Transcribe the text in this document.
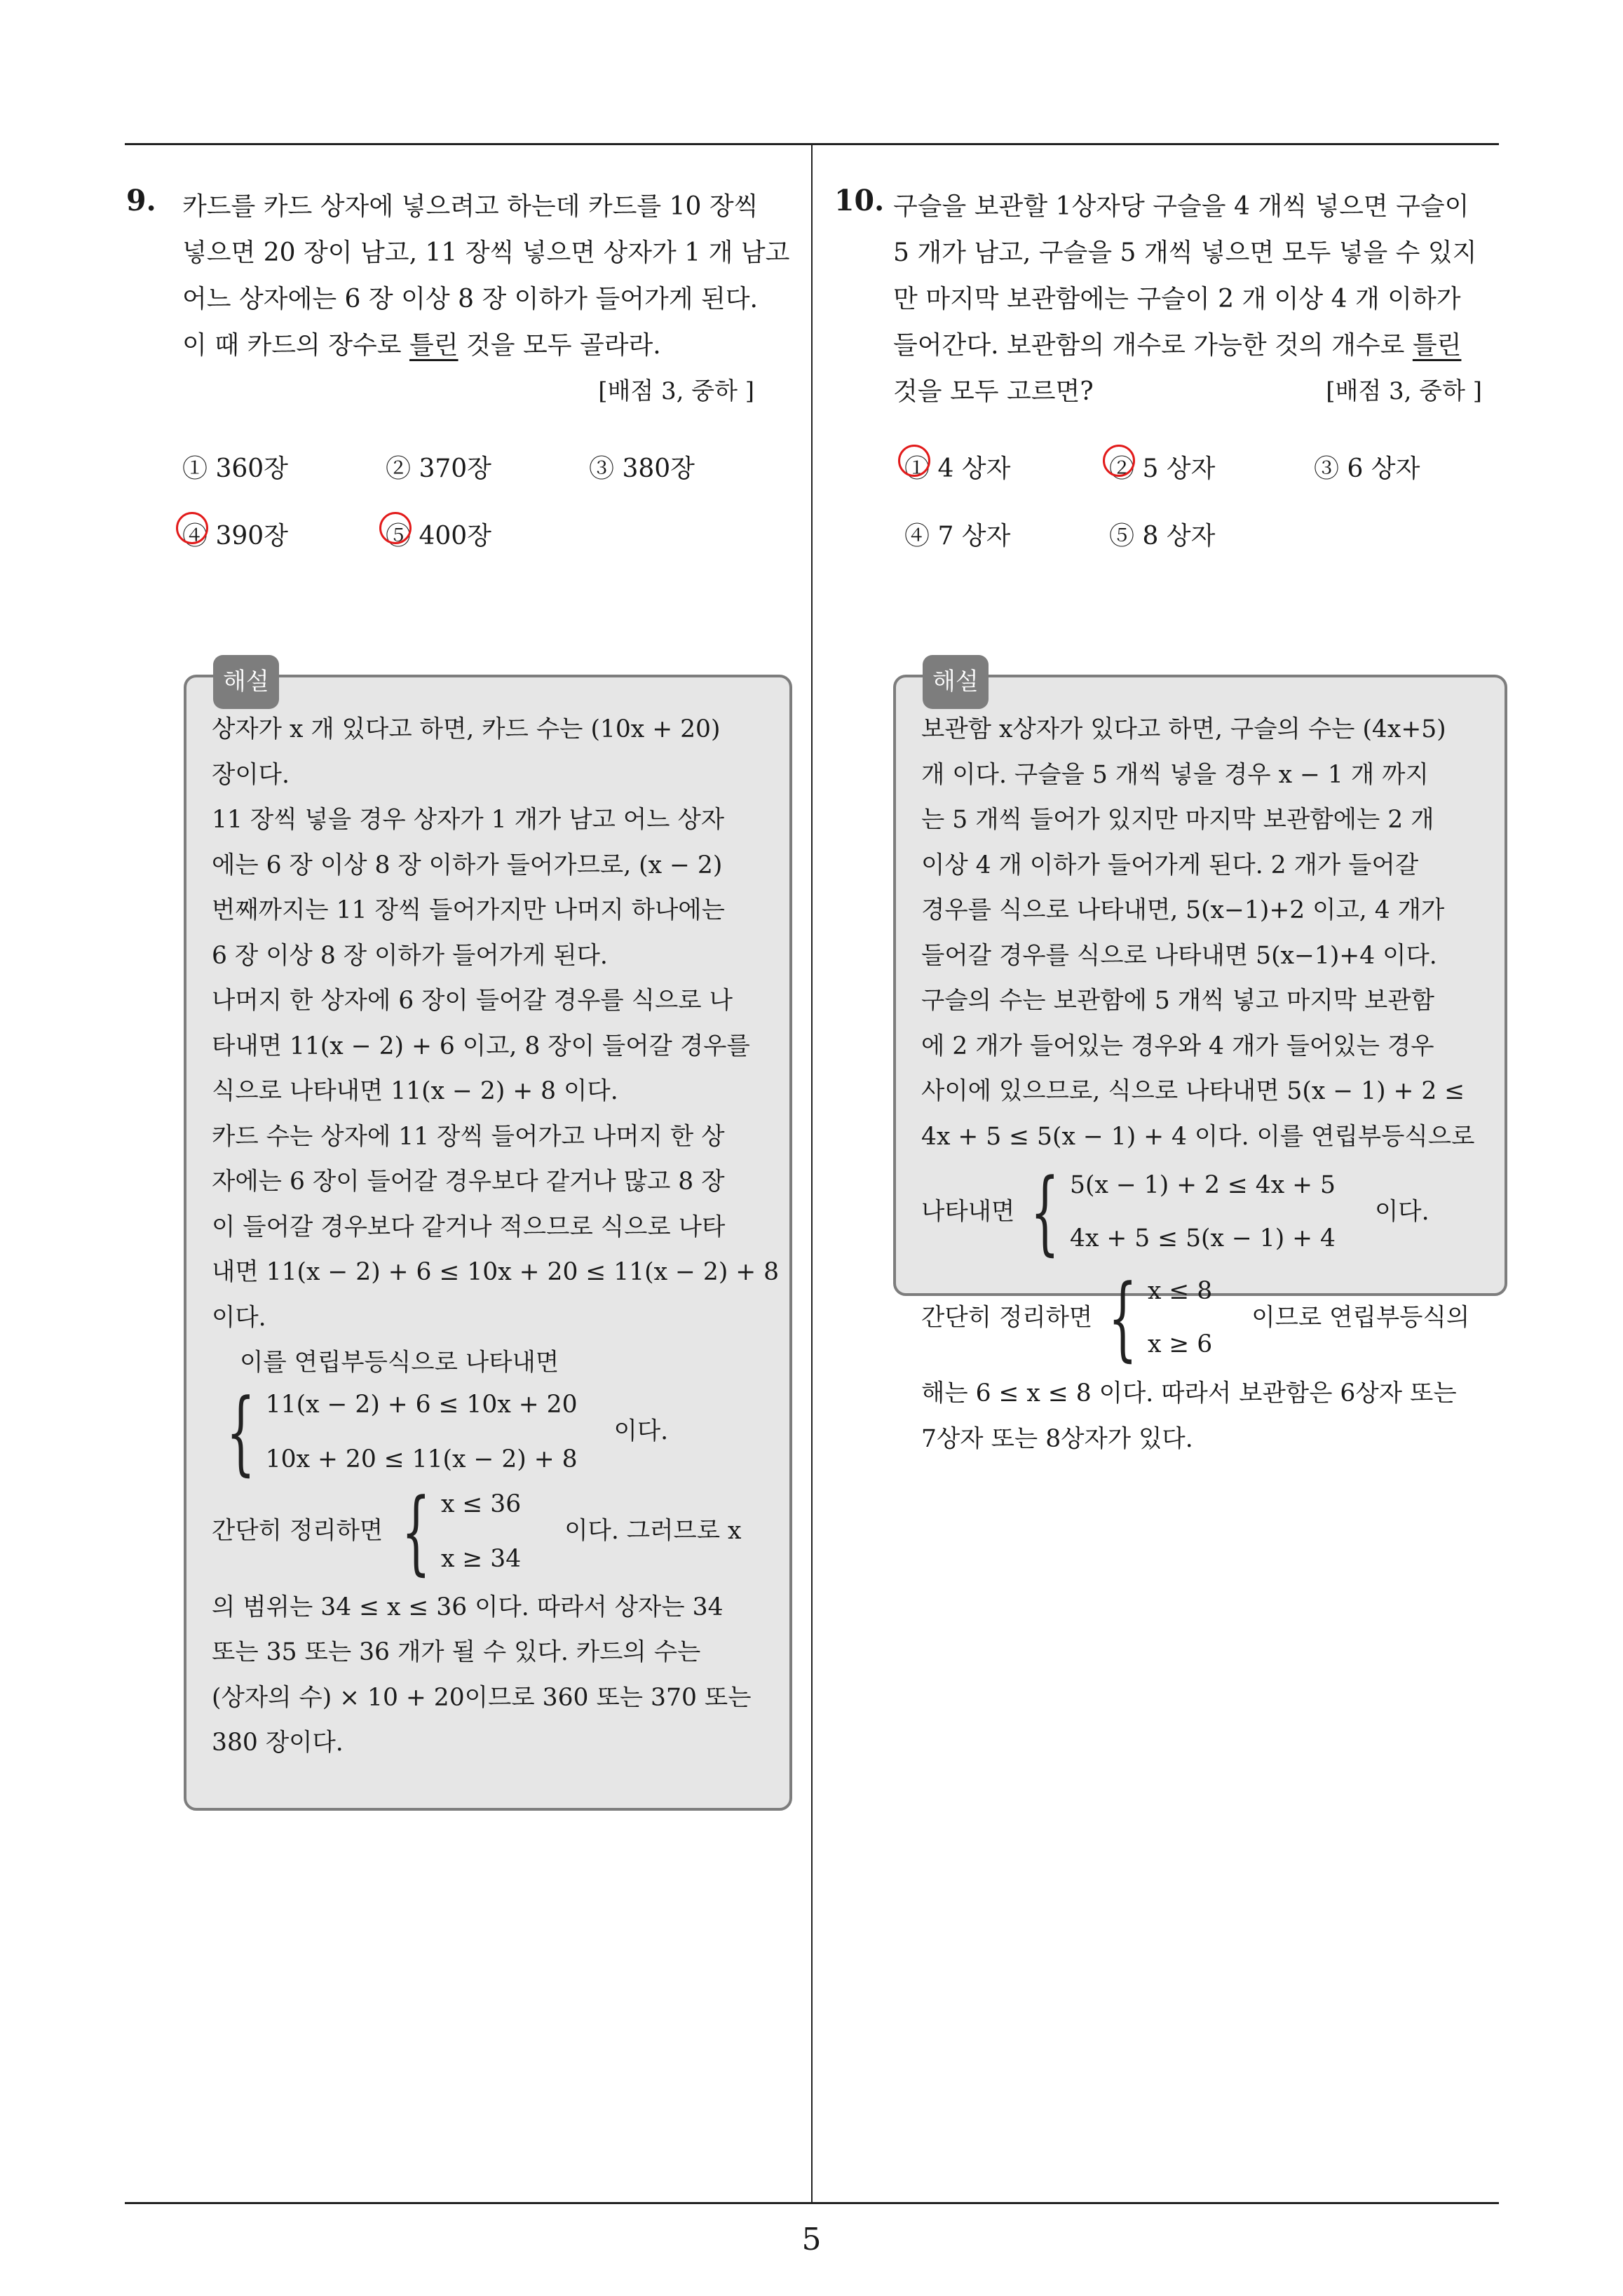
9. 카드를 카드 상자에 넣으려고 하는데 카드를 10 장씩
넣으면 20 장이 남고, 11 장씩 넣으면 상자가 1 개 남고
어느 상자에는 6 장 이상 8 장 이하가 들어가게 된다.
이 때 카드의 장수로 틀린 것을 모두 골라라.
[배점 3, 중하 ]
① 360장	② 370장	③ 380장
④ 390장	⑤ 400장
해설
상자가 x 개 있다고 하면, 카드 수는 (10x + 20)
장이다.
11 장씩 넣을 경우 상자가 1 개가 남고 어느 상자
에는 6 장 이상 8 장 이하가 들어가므로, (x − 2)
번째까지는 11 장씩 들어가지만 나머지 하나에는
6 장 이상 8 장 이하가 들어가게 된다.
나머지 한 상자에 6 장이 들어갈 경우를 식으로 나
타내면 11(x − 2) + 6 이고, 8 장이 들어갈 경우를
식으로 나타내면 11(x − 2) + 8 이다.
카드 수는 상자에 11 장씩 들어가고 나머지 한 상
자에는 6 장이 들어갈 경우보다 같거나 많고 8 장
이 들어갈 경우보다 같거나 적으므로 식으로 나타
내면 11(x − 2) + 6 ≤ 10x + 20 ≤ 11(x − 2) + 8
이다.
이를 연립부등식으로 나타내면
{ 11(x − 2) + 6 ≤ 10x + 20
10x + 20 ≤ 11(x − 2) + 8
이다.
간단히 정리하면 { x ≤ 36
x ≥ 34
이다. 그러므로 x
의 범위는 34 ≤ x ≤ 36 이다. 따라서 상자는 34
또는 35 또는 36 개가 될 수 있다. 카드의 수는
(상자의 수) × 10 + 20이므로 360 또는 370 또는
380 장이다.
10. 구슬을 보관할 1상자당 구슬을 4 개씩 넣으면 구슬이
5 개가 남고, 구슬을 5 개씩 넣으면 모두 넣을 수 있지
만 마지막 보관함에는 구슬이 2 개 이상 4 개 이하가
들어간다. 보관함의 개수로 가능한 것의 개수로 틀린
것을 모두 고르면?	[배점 3, 중하 ]
① 4 상자	② 5 상자	③ 6 상자
④ 7 상자	⑤ 8 상자
해설
보관함 x상자가 있다고 하면, 구슬의 수는 (4x+5)
개 이다. 구슬을 5 개씩 넣을 경우 x − 1 개 까지
는 5 개씩 들어가 있지만 마지막 보관함에는 2 개
이상 4 개 이하가 들어가게 된다. 2 개가 들어갈
경우를 식으로 나타내면, 5(x−1)+2 이고, 4 개가
들어갈 경우를 식으로 나타내면 5(x−1)+4 이다.
구슬의 수는 보관함에 5 개씩 넣고 마지막 보관함
에 2 개가 들어있는 경우와 4 개가 들어있는 경우
사이에 있으므로, 식으로 나타내면 5(x − 1) + 2 ≤
4x + 5 ≤ 5(x − 1) + 4 이다. 이를 연립부등식으로
나타내면 { 5(x − 1) + 2 ≤ 4x + 5
4x + 5 ≤ 5(x − 1) + 4
이다.
간단히 정리하면 { x ≤ 8
x ≥ 6
이므로 연립부등식의
해는 6 ≤ x ≤ 8 이다. 따라서 보관함은 6상자 또는
7상자 또는 8상자가 있다.
5
